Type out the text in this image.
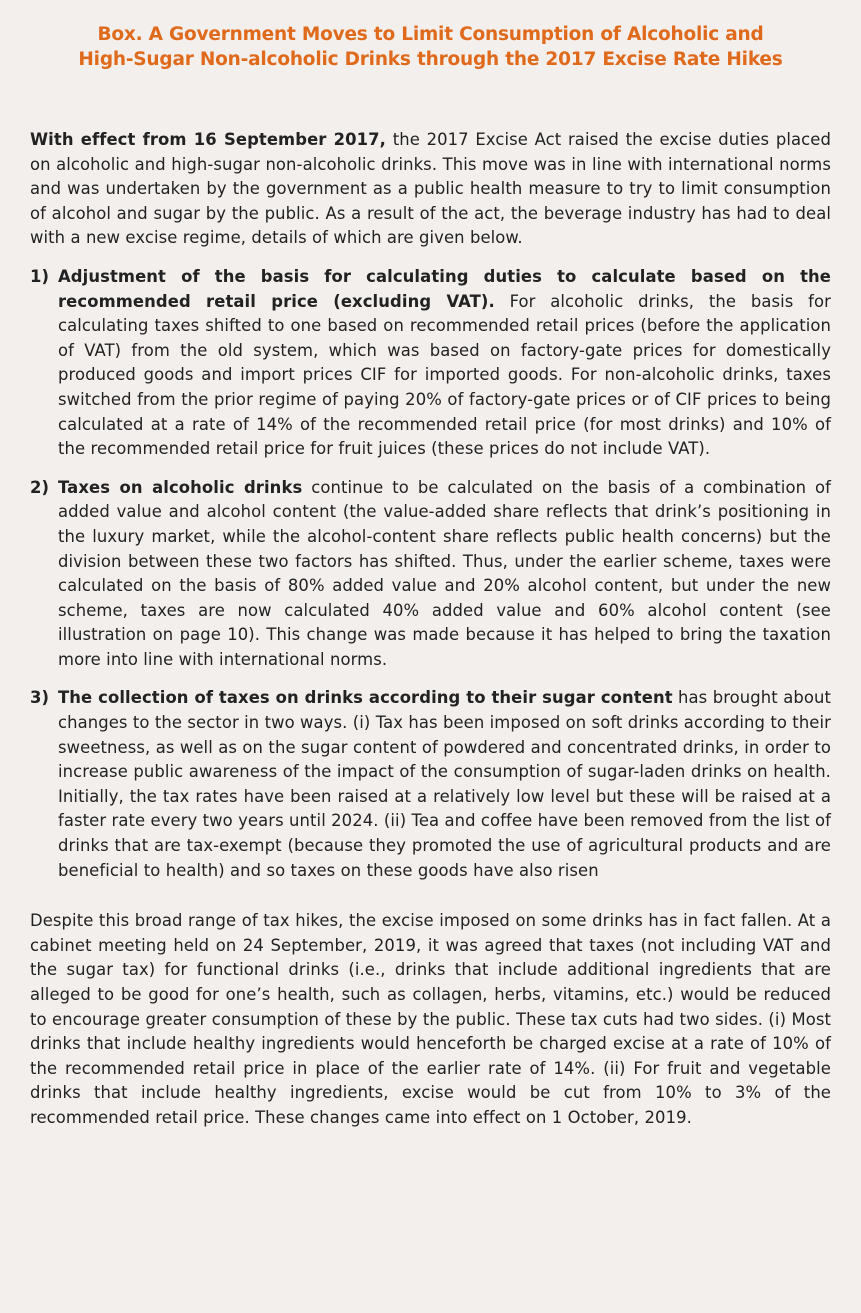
Box. A Government Moves to Limit Consumption of Alcoholic and
High-Sugar Non-alcoholic Drinks through the 2017 Excise Rate Hikes

With effect from 16 September 2017, the 2017 Excise Act raised the excise duties placed on alcoholic and high-sugar non-alcoholic drinks. This move was in line with international norms and was undertaken by the government as a public health measure to try to limit consumption of alcohol and sugar by the public. As a result of the act, the beverage industry has had to deal with a new excise regime, details of which are given below.

1) Adjustment of the basis for calculating duties to calculate based on the recommended retail price (excluding VAT). For alcoholic drinks, the basis for calculating taxes shifted to one based on recommended retail prices (before the application of VAT) from the old system, which was based on factory-gate prices for domestically produced goods and import prices CIF for imported goods. For non-alcoholic drinks, taxes switched from the prior regime of paying 20% of factory-gate prices or of CIF prices to being calculated at a rate of 14% of the recommended retail price (for most drinks) and 10% of the recommended retail price for fruit juices (these prices do not include VAT).
2) Taxes on alcoholic drinks continue to be calculated on the basis of a combination of added value and alcohol content (the value-added share reflects that drink’s positioning in the luxury market, while the alcohol-content share reflects public health concerns) but the division between these two factors has shifted. Thus, under the earlier scheme, taxes were calculated on the basis of 80% added value and 20% alcohol content, but under the new scheme, taxes are now calculated 40% added value and 60% alcohol content (see illustration on page 10). This change was made because it has helped to bring the taxation more into line with international norms.
3) The collection of taxes on drinks according to their sugar content has brought about changes to the sector in two ways. (i) Tax has been imposed on soft drinks according to their sweetness, as well as on the sugar content of powdered and concentrated drinks, in order to increase public awareness of the impact of the consumption of sugar-laden drinks on health. Initially, the tax rates have been raised at a relatively low level but these will be raised at a faster rate every two years until 2024. (ii) Tea and coffee have been removed from the list of drinks that are tax-exempt (because they promoted the use of agricultural products and are beneficial to health) and so taxes on these goods have also risen

Despite this broad range of tax hikes, the excise imposed on some drinks has in fact fallen. At a cabinet meeting held on 24 September, 2019, it was agreed that taxes (not including VAT and the sugar tax) for functional drinks (i.e., drinks that include additional ingredients that are alleged to be good for one’s health, such as collagen, herbs, vitamins, etc.) would be reduced to encourage greater consumption of these by the public. These tax cuts had two sides. (i) Most drinks that include healthy ingredients would henceforth be charged excise at a rate of 10% of the recommended retail price in place of the earlier rate of 14%. (ii) For fruit and vegetable drinks that include healthy ingredients, excise would be cut from 10% to 3% of the recommended retail price. These changes came into effect on 1 October, 2019.
